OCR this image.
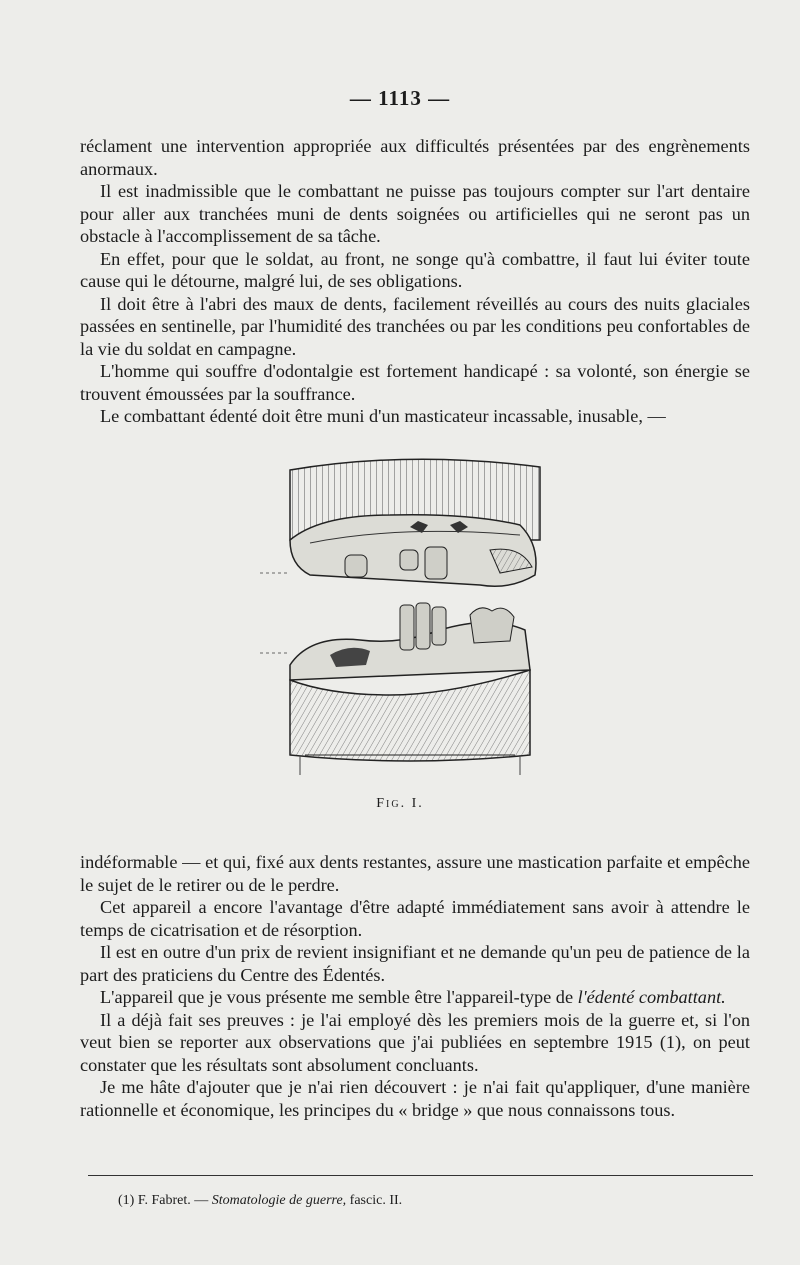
— 1113 —

réclament une intervention appropriée aux difficultés présentées par des engrènements anormaux.

Il est inadmissible que le combattant ne puisse pas toujours compter sur l'art dentaire pour aller aux tranchées muni de dents soignées ou artificielles qui ne seront pas un obstacle à l'accomplissement de sa tâche.

En effet, pour que le soldat, au front, ne songe qu'à combattre, il faut lui éviter toute cause qui le détourne, malgré lui, de ses obligations.

Il doit être à l'abri des maux de dents, facilement réveillés au cours des nuits glaciales passées en sentinelle, par l'humidité des tranchées ou par les conditions peu confortables de la vie du soldat en campagne.

L'homme qui souffre d'odontalgie est fortement handicapé : sa volonté, son énergie se trouvent émoussées par la souffrance.

Le combattant édenté doit être muni d'un masticateur incassable, inusable, —

Fig. I.

indéformable — et qui, fixé aux dents restantes, assure une mastication parfaite et empêche le sujet de le retirer ou de le perdre.

Cet appareil a encore l'avantage d'être adapté immédiatement sans avoir à attendre le temps de cicatrisation et de résorption.

Il est en outre d'un prix de revient insignifiant et ne demande qu'un peu de patience de la part des praticiens du Centre des Édentés.

L'appareil que je vous présente me semble être l'appareil-type de l'édenté combattant.

Il a déjà fait ses preuves : je l'ai employé dès les premiers mois de la guerre et, si l'on veut bien se reporter aux observations que j'ai publiées en septembre 1915 (1), on peut constater que les résultats sont absolument concluants.

Je me hâte d'ajouter que je n'ai rien découvert : je n'ai fait qu'appliquer, d'une manière rationnelle et économique, les principes du « bridge » que nous connaissons tous.

(1) F. Fabret. — Stomatologie de guerre, fascic. II.
